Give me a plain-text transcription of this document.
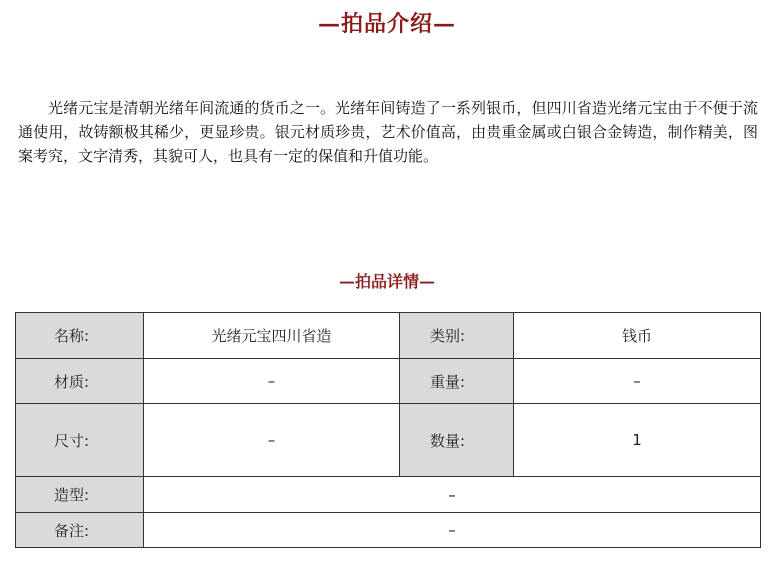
—拍品介绍—

光绪元宝是清朝光绪年间流通的货币之一。光绪年间铸造了一系列银币，但四川省造光绪元宝由于不便于流通使用，故铸额极其稀少，更显珍贵。银元材质珍贵，艺术价值高，由贵重金属或白银合金铸造，制作精美，图案考究，文字清秀，其貌可人，也具有一定的保值和升值功能。

—拍品详情—
名称:	光绪元宝四川省造	类别:	钱币
材质:	–	重量:	–
尺寸:	–	数量:	1
造型:	–		
备注:	–		
